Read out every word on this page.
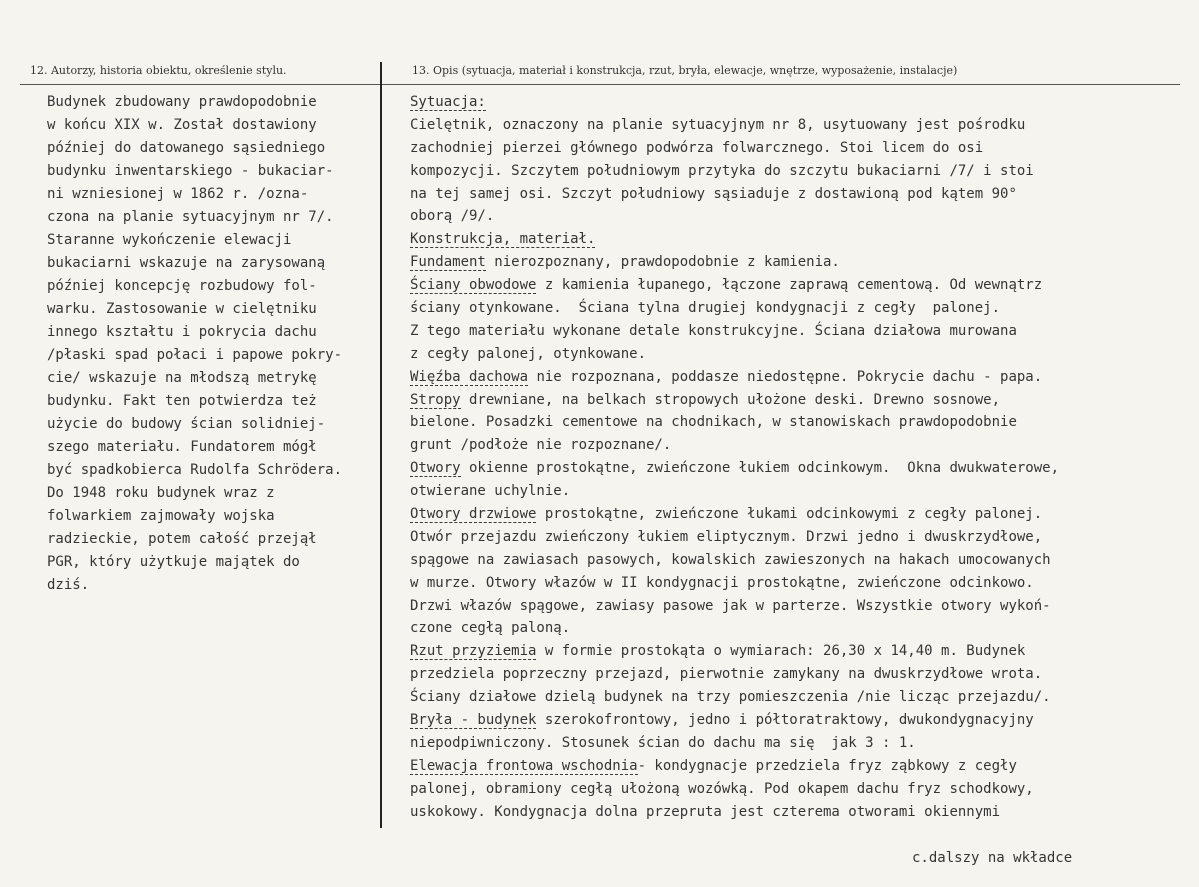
12. Autorzy, historia obiektu, określenie stylu.	13. Opis (sytuacja, materiał i konstrukcja, rzut, bryła, elewacje, wnętrze, wyposażenie, instalacje)
Budynek zbudowany prawdopodobnie
w końcu XIX w. Został dostawiony
później do datowanego sąsiedniego
budynku inwentarskiego - bukaciar-
ni wzniesionej w 1862 r. /ozna-
czona na planie sytuacyjnym nr 7/.
Staranne wykończenie elewacji
bukaciarni wskazuje na zarysowaną
później koncepcję rozbudowy fol-
warku. Zastosowanie w cielętniku
innego kształtu i pokrycia dachu
/płaski spad połaci i papowe pokry-
cie/ wskazuje na młodszą metrykę
budynku. Fakt ten potwierdza też
użycie do budowy ścian solidniej-
szego materiału. Fundatorem mógł
być spadkobierca Rudolfa Schrödera.
Do 1948 roku budynek wraz z
folwarkiem zajmowały wojska
radzieckie, potem całość przejął
PGR, który użytkuje majątek do
dziś.
Sytuacja:
Cielętnik, oznaczony na planie sytuacyjnym nr 8, usytuowany jest pośrodku
zachodniej pierzei głównego podwórza folwarcznego. Stoi licem do osi
kompozycji. Szczytem południowym przytyka do szczytu bukaciarni /7/ i stoi
na tej samej osi. Szczyt południowy sąsiaduje z dostawioną pod kątem 90°
oborą /9/.
Konstrukcja, materiał.
Fundament nierozpoznany, prawdopodobnie z kamienia.
Ściany obwodowe z kamienia łupanego, łączone zaprawą cementową. Od wewnątrz
ściany otynkowane.  Ściana tylna drugiej kondygnacji z cegły  palonej.
Z tego materiału wykonane detale konstrukcyjne. Ściana działowa murowana
z cegły palonej, otynkowane.
Więźba dachowa nie rozpoznana, poddasze niedostępne. Pokrycie dachu - papa.
Stropy drewniane, na belkach stropowych ułożone deski. Drewno sosnowe,
bielone. Posadzki cementowe na chodnikach, w stanowiskach prawdopodobnie
grunt /podłoże nie rozpoznane/.
Otwory okienne prostokątne, zwieńczone łukiem odcinkowym.  Okna dwukwaterowe,
otwierane uchylnie.
Otwory drzwiowe prostokątne, zwieńczone łukami odcinkowymi z cegły palonej.
Otwór przejazdu zwieńczony łukiem eliptycznym. Drzwi jedno i dwuskrzydłowe,
spągowe na zawiasach pasowych, kowalskich zawieszonych na hakach umocowanych
w murze. Otwory włazów w II kondygnacji prostokątne, zwieńczone odcinkowo.
Drzwi włazów spągowe, zawiasy pasowe jak w parterze. Wszystkie otwory wykoń-
czone cegłą paloną.
Rzut przyziemia w formie prostokąta o wymiarach: 26,30 x 14,40 m. Budynek
przedziela poprzeczny przejazd, pierwotnie zamykany na dwuskrzydłowe wrota.
Ściany działowe dzielą budynek na trzy pomieszczenia /nie licząc przejazdu/.
Bryła - budynek szerokofrontowy, jedno i półtoratraktowy, dwukondygnacyjny
niepodpiwniczony. Stosunek ścian do dachu ma się  jak 3 : 1.
Elewacja frontowa wschodnia- kondygnacje przedziela fryz ząbkowy z cegły
palonej, obramiony cegłą ułożoną wozówką. Pod okapem dachu fryz schodkowy,
uskokowy. Kondygnacja dolna przeprutа jest czterema otworami okiennymi
c.dalszy na wkładce
